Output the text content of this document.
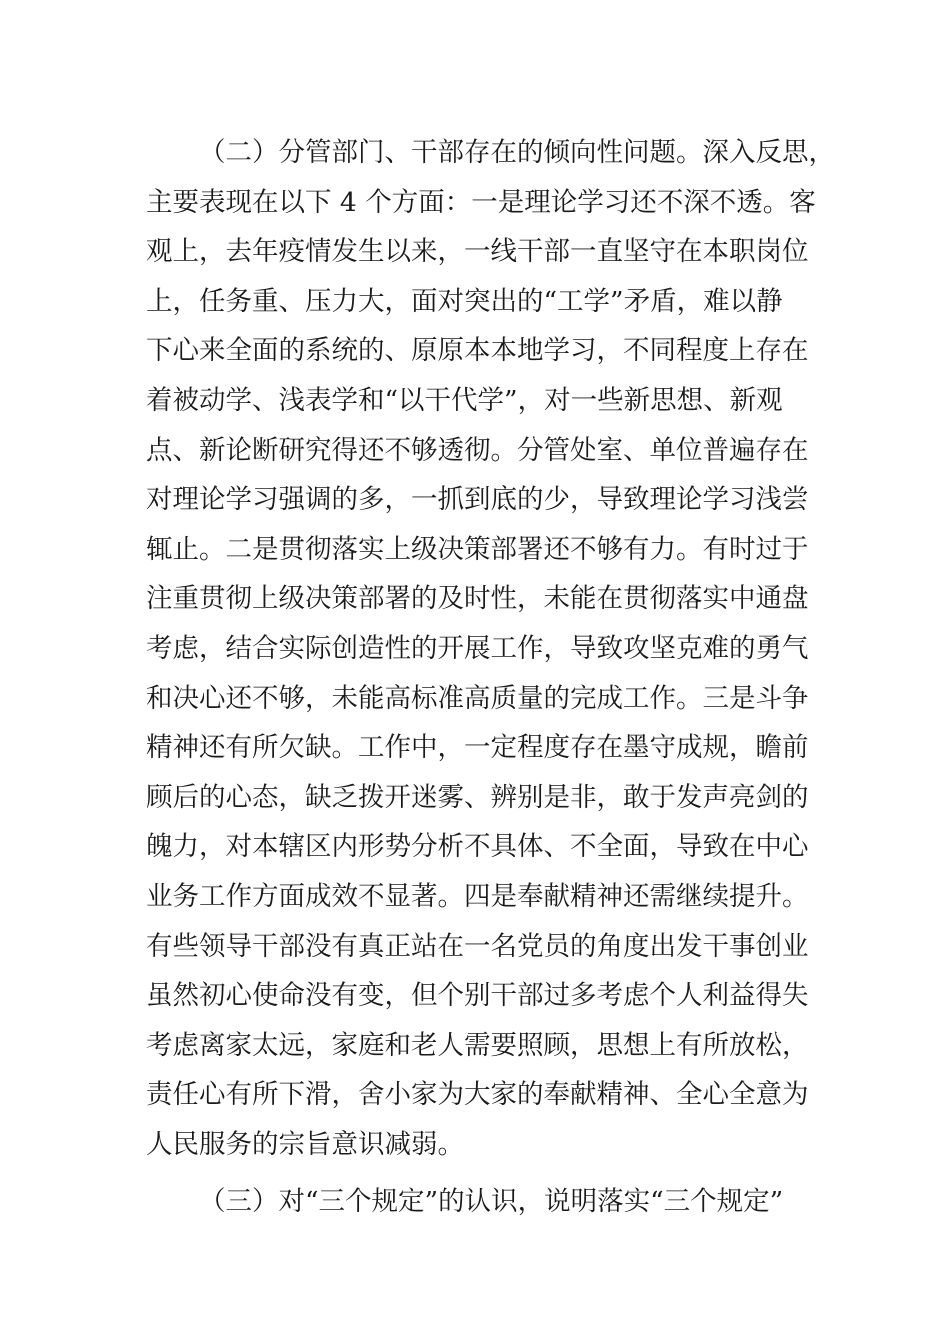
（二）分管部门、干部存在的倾向性问题。深入反思，
主要表现在以下 4 个方面：一是理论学习还不深不透。客
观上，去年疫情发生以来，一线干部一直坚守在本职岗位
上，任务重、压力大，面对突出的“工学”矛盾，难以静
下心来全面的系统的、原原本本地学习，不同程度上存在
着被动学、浅表学和“以干代学”，对一些新思想、新观
点、新论断研究得还不够透彻。分管处室、单位普遍存在
对理论学习强调的多，一抓到底的少，导致理论学习浅尝
辄止。二是贯彻落实上级决策部署还不够有力。有时过于
注重贯彻上级决策部署的及时性，未能在贯彻落实中通盘
考虑，结合实际创造性的开展工作，导致攻坚克难的勇气
和决心还不够，未能高标准高质量的完成工作。三是斗争
精神还有所欠缺。工作中，一定程度存在墨守成规，瞻前
顾后的心态，缺乏拨开迷雾、辨别是非，敢于发声亮剑的
魄力，对本辖区内形势分析不具体、不全面，导致在中心
业务工作方面成效不显著。四是奉献精神还需继续提升。
有些领导干部没有真正站在一名党员的角度出发干事创业
虽然初心使命没有变，但个别干部过多考虑个人利益得失
考虑离家太远，家庭和老人需要照顾，思想上有所放松，
责任心有所下滑，舍小家为大家的奉献精神、全心全意为
人民服务的宗旨意识减弱。
（三）对“三个规定”的认识，说明落实“三个规定”
